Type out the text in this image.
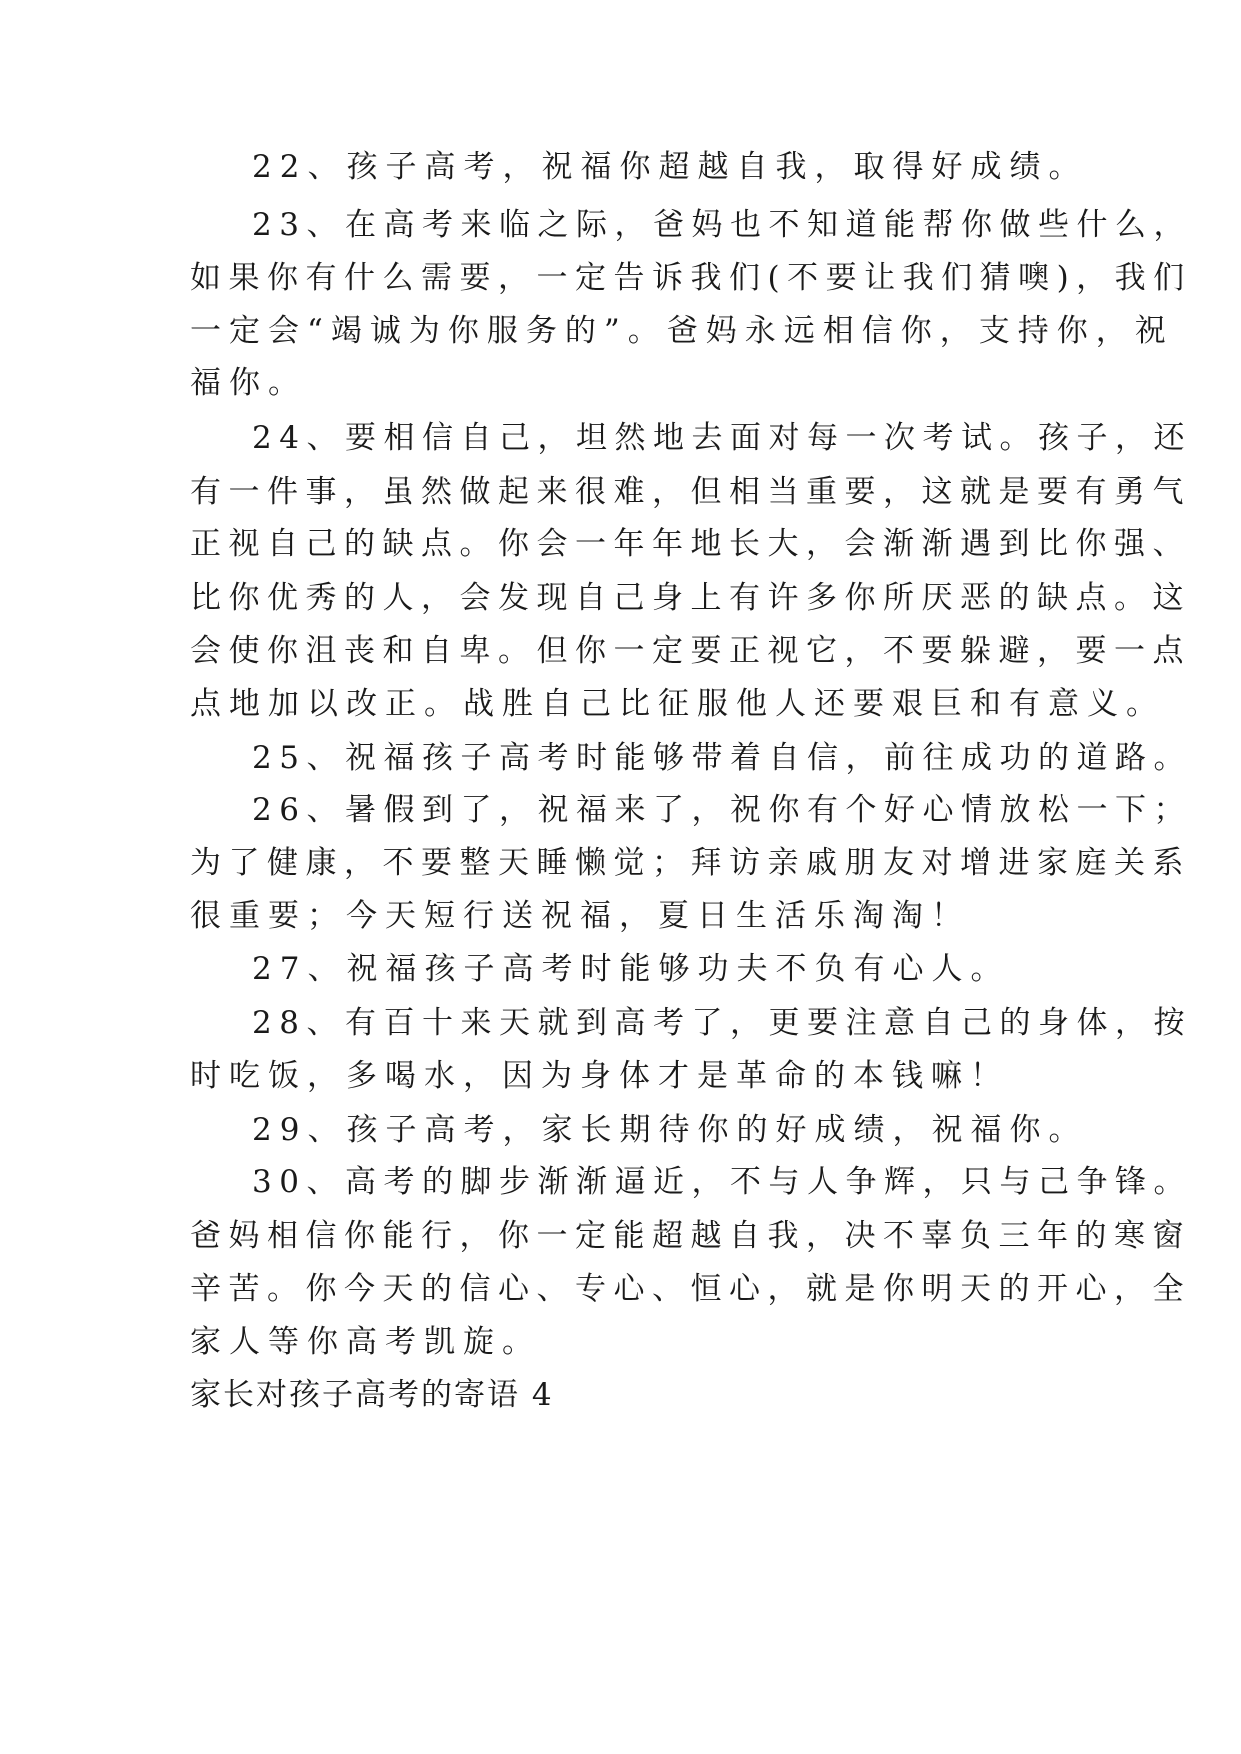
22、孩子高考，祝福你超越自我，取得好成绩。
23、在高考来临之际，爸妈也不知道能帮你做些什么，
如果你有什么需要，一定告诉我们(不要让我们猜噢)，我们
一定会“竭诚为你服务的”。爸妈永远相信你，支持你，祝
福你。
24、要相信自己，坦然地去面对每一次考试。孩子，还
有一件事，虽然做起来很难，但相当重要，这就是要有勇气
正视自己的缺点。你会一年年地长大，会渐渐遇到比你强、
比你优秀的人，会发现自己身上有许多你所厌恶的缺点。这
会使你沮丧和自卑。但你一定要正视它，不要躲避，要一点
点地加以改正。战胜自己比征服他人还要艰巨和有意义。
25、祝福孩子高考时能够带着自信，前往成功的道路。
26、暑假到了，祝福来了，祝你有个好心情放松一下；
为了健康，不要整天睡懒觉；拜访亲戚朋友对增进家庭关系
很重要；今天短行送祝福，夏日生活乐淘淘！
27、祝福孩子高考时能够功夫不负有心人。
28、有百十来天就到高考了，更要注意自己的身体，按
时吃饭，多喝水，因为身体才是革命的本钱嘛！
29、孩子高考，家长期待你的好成绩，祝福你。
30、高考的脚步渐渐逼近，不与人争辉，只与己争锋。
爸妈相信你能行，你一定能超越自我，决不辜负三年的寒窗
辛苦。你今天的信心、专心、恒心，就是你明天的开心，全
家人等你高考凯旋。
家长对孩子高考的寄语 4
